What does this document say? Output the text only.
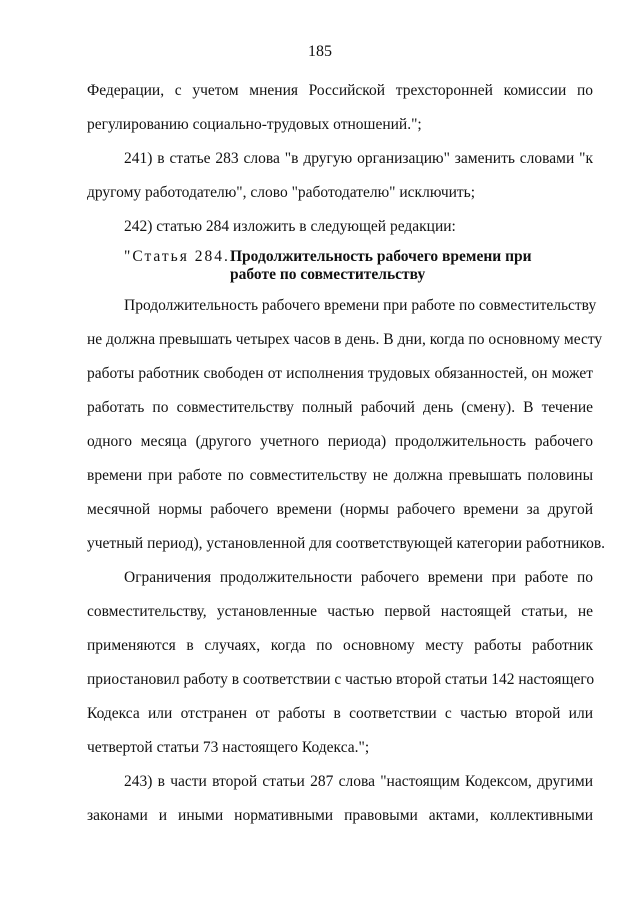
185
Федерации, с учетом мнения Российской трехсторонней комиссии по
регулированию социально-трудовых отношений.";
241) в статье 283 слова "в другую организацию" заменить словами "к
другому работодателю", слово "работодателю" исключить;
242) статью 284 изложить в следующей редакции:
"Статья 284. Продолжительность рабочего времени при
работе по совместительству
Продолжительность рабочего времени при работе по совместительству
не должна превышать четырех часов в день. В дни, когда по основному месту
работы работник свободен от исполнения трудовых обязанностей, он может
работать по совместительству полный рабочий день (смену). В течение
одного месяца (другого учетного периода) продолжительность рабочего
времени при работе по совместительству не должна превышать половины
месячной нормы рабочего времени (нормы рабочего времени за другой
учетный период), установленной для соответствующей категории работников.
Ограничения продолжительности рабочего времени при работе по
совместительству, установленные частью первой настоящей статьи, не
применяются в случаях, когда по основному месту работы работник
приостановил работу в соответствии с частью второй статьи 142 настоящего
Кодекса или отстранен от работы в соответствии с частью второй или
четвертой статьи 73 настоящего Кодекса.";
243) в части второй статьи 287 слова "настоящим Кодексом, другими
законами и иными нормативными правовыми актами, коллективными
